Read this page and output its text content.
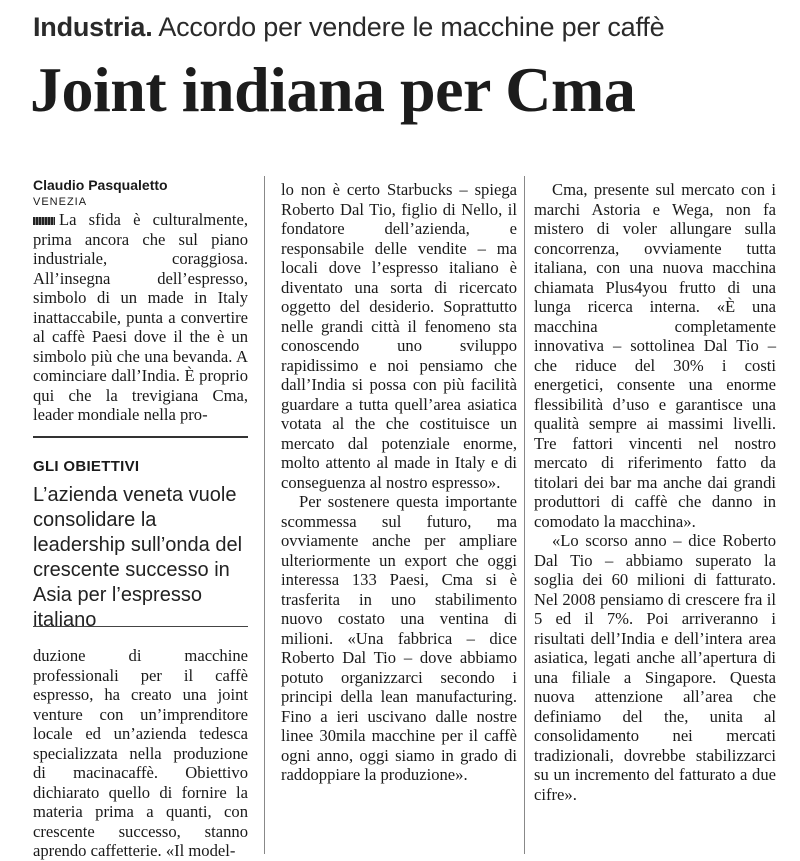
Industria. Accordo per vendere le macchine per caffè
Joint indiana per Cma

Claudio Pasqualetto

VENEZIA

La sfida è culturalmente, prima ancora che sul piano industriale, coraggiosa. All’insegna dell’espresso, simbolo di un made in Italy inattaccabile, punta a convertire al caffè Paesi dove il the è un simbolo più che una bevanda. A cominciare dall’India. È proprio qui che la trevigiana Cma, leader mondiale nella pro-

GLI OBIETTIVI
L’azienda veneta vuole consolidare la leadership sull’onda del crescente successo in Asia per l’espresso italiano

duzione di macchine professionali per il caffè espresso, ha creato una joint venture con un’imprenditore locale ed un’azienda tedesca specializzata nella produzione di macinacaffè. Obiettivo dichiarato quello di fornire la materia prima a quanti, con crescente successo, stanno aprendo caffetterie. «Il model-

lo non è certo Starbucks – spiega Roberto Dal Tio, figlio di Nello, il fondatore dell’azienda, e responsabile delle vendite – ma locali dove l’espresso italiano è diventato una sorta di ricercato oggetto del desiderio. Soprattutto nelle grandi città il fenomeno sta conoscendo uno sviluppo rapidissimo e noi pensiamo che dall’India si possa con più facilità guardare a tutta quell’area asiatica votata al the che costituisce un mercato dal potenziale enorme, molto attento al made in Italy e di conseguenza al nostro espresso».

Per sostenere questa importante scommessa sul futuro, ma ovviamente anche per ampliare ulteriormente un export che oggi interessa 133 Paesi, Cma si è trasferita in uno stabilimento nuovo costato una ventina di milioni. «Una fabbrica – dice Roberto Dal Tio – dove abbiamo potuto organizzarci secondo i principi della lean manufacturing. Fino a ieri uscivano dalle nostre linee 30mila macchine per il caffè ogni anno, oggi siamo in grado di raddoppiare la produzione».

Cma, presente sul mercato con i marchi Astoria e Wega, non fa mistero di voler allungare sulla concorrenza, ovviamente tutta italiana, con una nuova macchina chiamata Plus4you frutto di una lunga ricerca interna. «È una macchina completamente innovativa – sottolinea Dal Tio – che riduce del 30% i costi energetici, consente una enorme flessibilità d’uso e garantisce una qualità sempre ai massimi livelli. Tre fattori vincenti nel nostro mercato di riferimento fatto da titolari dei bar ma anche dai grandi produttori di caffè che danno in comodato la macchina».

«Lo scorso anno – dice Roberto Dal Tio – abbiamo superato la soglia dei 60 milioni di fatturato. Nel 2008 pensiamo di crescere fra il 5 ed il 7%. Poi arriveranno i risultati dell’India e dell’intera area asiatica, legati anche all’apertura di una filiale a Singapore. Questa nuova attenzione all’area che definiamo del the, unita al consolidamento nei mercati tradizionali, dovrebbe stabilizzarci su un incremento del fatturato a due cifre».
